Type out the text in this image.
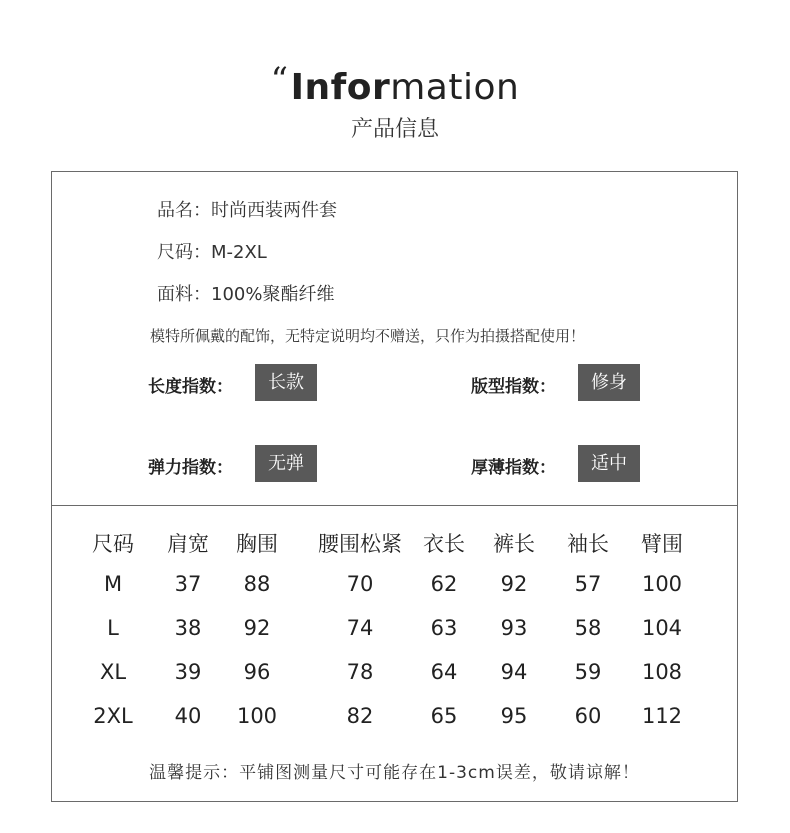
“Information
产品信息
品名：时尚西装两件套
尺码：M-2XL
面料：100%聚酯纤维
模特所佩戴的配饰，无特定说明均不赠送，只作为拍摄搭配使用！
长度指数：	长款	版型指数：	修身
弹力指数：	无弹	厚薄指数：	适中
尺码	肩宽	胸围	腰围松紧	衣长	裤长	袖长	臂围
M	37	88	70	62	92	57	100
L	38	92	74	63	93	58	104
XL	39	96	78	64	94	59	108
2XL	40	100	82	65	95	60	112
温馨提示：平铺图测量尺寸可能存在1-3cm误差，敬请谅解！
